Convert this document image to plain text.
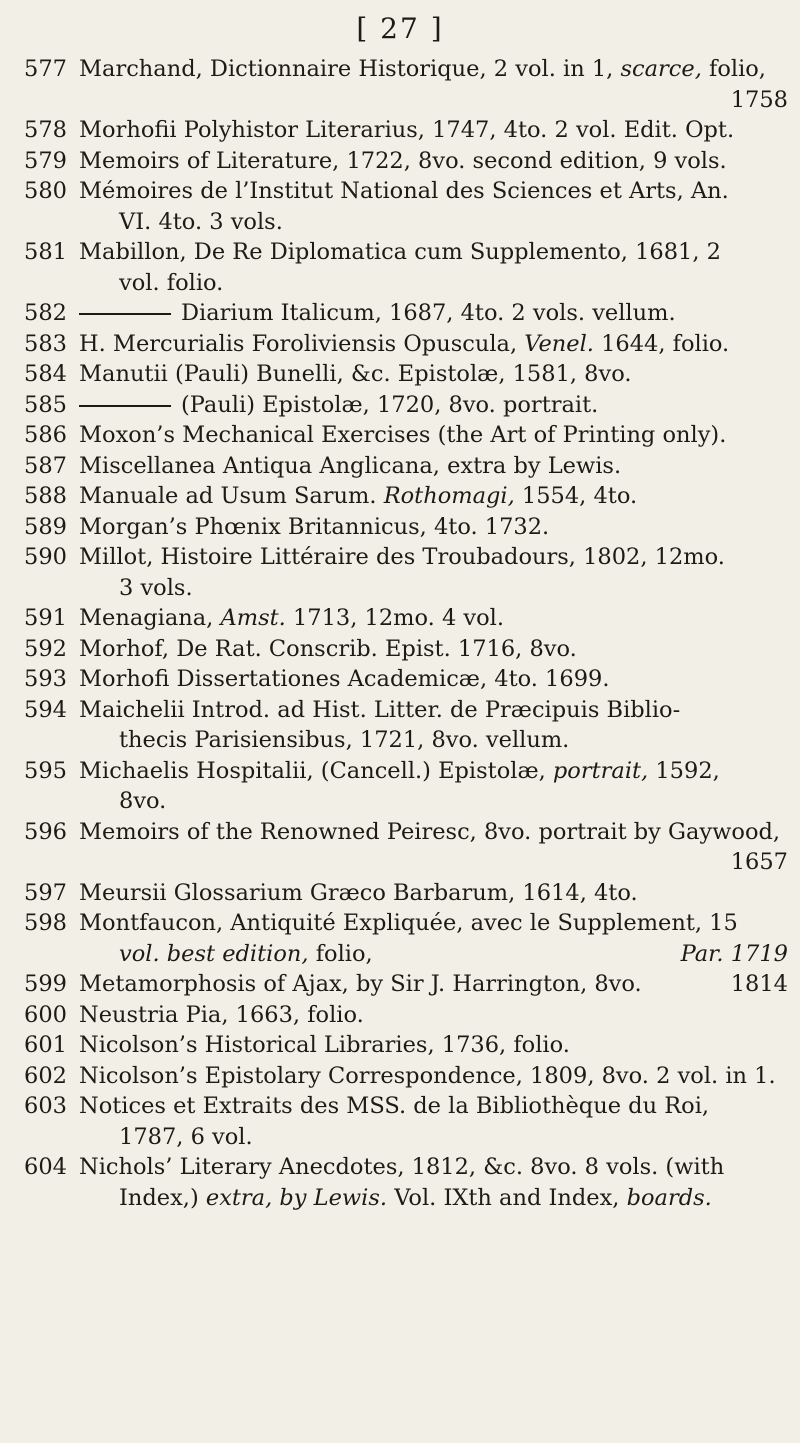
[ 27 ]
577 Marchand, Dictionnaire Historique, 2 vol. in 1, scarce, folio,
1758
578 Morhofii Polyhistor Literarius, 1747, 4to. 2 vol. Edit. Opt.
579 Memoirs of Literature, 1722, 8vo. second edition, 9 vols.
580 Mémoires de l’Institut National des Sciences et Arts, An.
VI. 4to. 3 vols.
581 Mabillon, De Re Diplomatica cum Supplemento, 1681, 2
vol. folio.
582	Diarium Italicum, 1687, 4to. 2 vols. vellum.
583 H. Mercurialis Foroliviensis Opuscula, Venel. 1644, folio.
584 Manutii (Pauli) Bunelli, &c. Epistolæ, 1581, 8vo.
585	(Pauli) Epistolæ, 1720, 8vo. portrait.
586 Moxon’s Mechanical Exercises (the Art of Printing only).
587 Miscellanea Antiqua Anglicana, extra by Lewis.
588 Manuale ad Usum Sarum. Rothomagi, 1554, 4to.
589 Morgan’s Phœnix Britannicus, 4to. 1732.
590 Millot, Histoire Littéraire des Troubadours, 1802, 12mo.
3 vols.
591 Menagiana, Amst. 1713, 12mo. 4 vol.
592 Morhof, De Rat. Conscrib. Epist. 1716, 8vo.
593 Morhofi Dissertationes Academicæ, 4to. 1699.
594 Maichelii Introd. ad Hist. Litter. de Præcipuis Biblio-
thecis Parisiensibus, 1721, 8vo. vellum.
595 Michaelis Hospitalii, (Cancell.) Epistolæ, portrait, 1592,
8vo.
596 Memoirs of the Renowned Peiresc, 8vo. portrait by Gaywood,
1657
597 Meursii Glossarium Græco Barbarum, 1614, 4to.
598 Montfaucon, Antiquité Expliquée, avec le Supplement, 15
vol. best edition, folio,	Par. 1719
599 Metamorphosis of Ajax, by Sir J. Harrington, 8vo.	1814
600 Neustria Pia, 1663, folio.
601 Nicolson’s Historical Libraries, 1736, folio.
602 Nicolson’s Epistolary Correspondence, 1809, 8vo. 2 vol. in 1.
603 Notices et Extraits des MSS. de la Bibliothèque du Roi,
1787, 6 vol.
604 Nichols’ Literary Anecdotes, 1812, &c. 8vo. 8 vols. (with
Index,) extra, by Lewis. Vol. IXth and Index, boards.
